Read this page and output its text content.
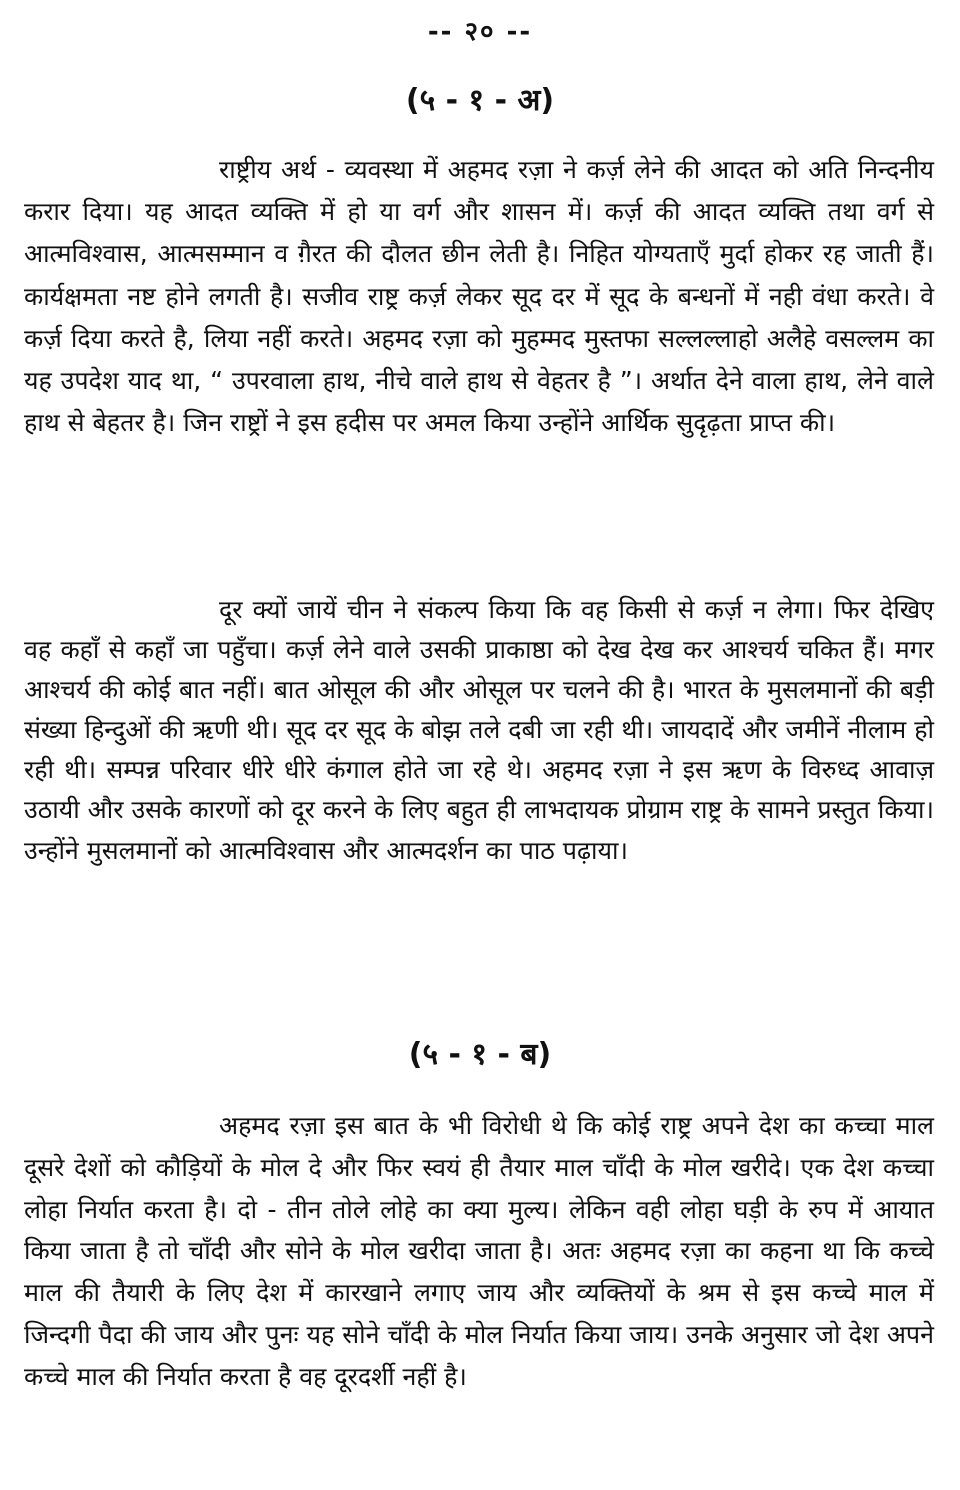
-- २० --
(५ - १ - अ)

राष्ट्रीय अर्थ - व्यवस्था में अहमद रज़ा ने कर्ज़ लेने की आदत को अति निन्दनीय करार दिया। यह आदत व्यक्ति में हो या वर्ग और शासन में। कर्ज़ की आदत व्यक्ति तथा वर्ग से आत्मविश्वास, आत्मसम्मान व ग़ैरत की दौलत छीन लेती है। निहित योग्यताएँ मुर्दा होकर रह जाती हैं। कार्यक्षमता नष्ट होने लगती है। सजीव राष्ट्र कर्ज़ लेकर सूद दर में सूद के बन्धनों में नही वंधा करते। वे कर्ज़ दिया करते है, लिया नहीं करते। अहमद रज़ा को मुहम्मद मुस्तफा सल्लल्लाहो अलैहे वसल्लम का यह उपदेश याद था, “ उपरवाला हाथ, नीचे वाले हाथ से वेहतर है ”। अर्थात देने वाला हाथ, लेने वाले हाथ से बेहतर है। जिन राष्ट्रों ने इस हदीस पर अमल किया उन्होंने आर्थिक सुदृढ़ता प्राप्त की।

दूर क्यों जायें चीन ने संकल्प किया कि वह किसी से कर्ज़ न लेगा। फिर देखिए वह कहाँ से कहाँ जा पहुँचा। कर्ज़ लेने वाले उसकी प्राकाष्ठा को देख देख कर आश्चर्य चकित हैं। मगर आश्चर्य की कोई बात नहीं। बात ओसूल की और ओसूल पर चलने की है। भारत के मुसलमानों की बड़ी संख्या हिन्दुओं की ऋणी थी। सूद दर सूद के बोझ तले दबी जा रही थी। जायदादें और जमीनें नीलाम हो रही थी। सम्पन्न परिवार धीरे धीरे कंगाल होते जा रहे थे। अहमद रज़ा ने इस ऋण के विरुध्द आवाज़ उठायी और उसके कारणों को दूर करने के लिए बहुत ही लाभदायक प्रोग्राम राष्ट्र के सामने प्रस्तुत किया। उन्होंने मुसलमानों को आत्मविश्वास और आत्मदर्शन का पाठ पढ़ाया।

(५ - १ - ब)

अहमद रज़ा इस बात के भी विरोधी थे कि कोई राष्ट्र अपने देश का कच्चा माल दूसरे देशों को कौड़ियों के मोल दे और फिर स्वयं ही तैयार माल चाँदी के मोल खरीदे। एक देश कच्चा लोहा निर्यात करता है। दो - तीन तोले लोहे का क्या मुल्य। लेकिन वही लोहा घड़ी के रुप में आयात किया जाता है तो चाँदी और सोने के मोल खरीदा जाता है। अतः अहमद रज़ा का कहना था कि कच्चे माल की तैयारी के लिए देश में कारखाने लगाए जाय और व्यक्तियों के श्रम से इस कच्चे माल में जिन्दगी पैदा की जाय और पुनः यह सोने चाँदी के मोल निर्यात किया जाय। उनके अनुसार जो देश अपने कच्चे माल की निर्यात करता है वह दूरदर्शी नहीं है।
